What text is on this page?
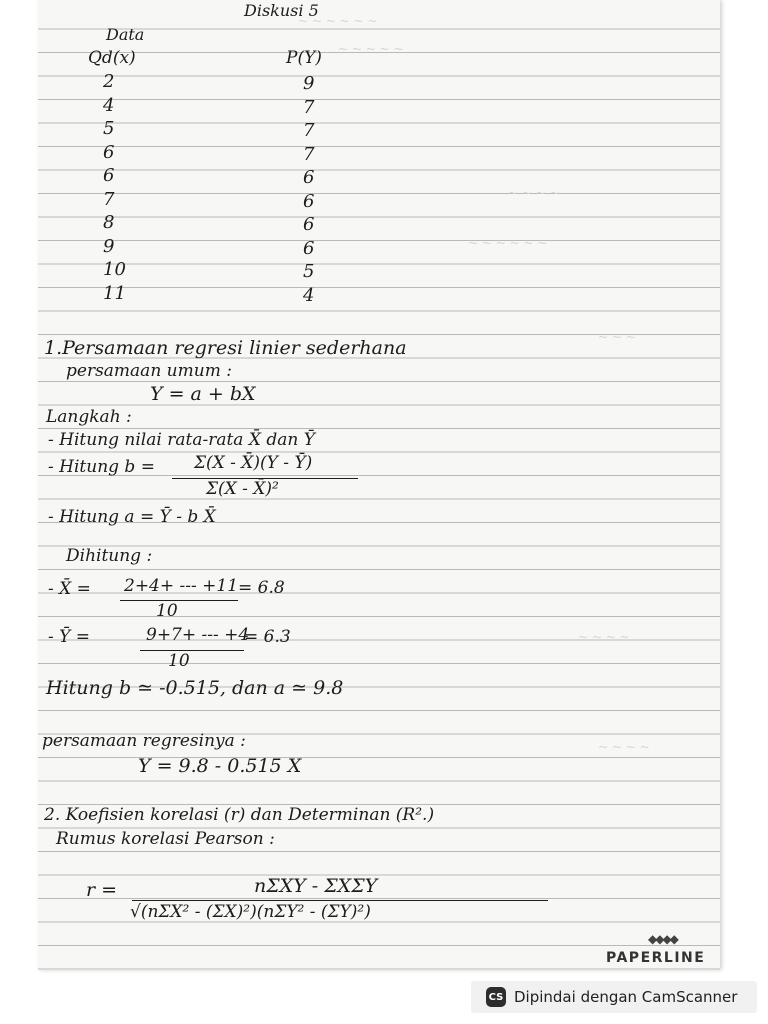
~ ~ ~ ~ ~ ~
~ ~ ~ ~ ~
~ ~ ~ ~
~ ~ ~ ~ ~ ~
~ ~ ~
~ ~ ~ ~
~ ~ ~ ~
Diskusi 5
Data
Qd(x)	P(Y)
2	9
4	7
5	7
6	7
6	6
7	6
8	6
9	6
10	5
11	4
1.Persamaan regresi linier sederhana
persamaan umum :
Y = a + bX
Langkah :
- Hitung nilai rata-rata X̄ dan Ȳ
- Hitung b = Σ(X - X̄)(Y - Ȳ)
Σ(X - X̄)²
- Hitung a = Ȳ - b X̄
Dihitung :
- X̄ = 2+4+ --- +11
10
= 6.8
- Ȳ =	9+7+ --- +4
10
= 6.3
Hitung b ≃ -0.515, dan a ≃ 9.8
persamaan regresinya :
Y = 9.8 - 0.515 X
2. Koefisien korelasi (r) dan Determinan (R².)
Rumus korelasi Pearson :
r =	nΣXY - ΣXΣY
√(nΣX² - (ΣX)²)(nΣY² - (ΣY)²)
◆◆◆◆
PAPERLINE
CS Dipindai dengan CamScanner
